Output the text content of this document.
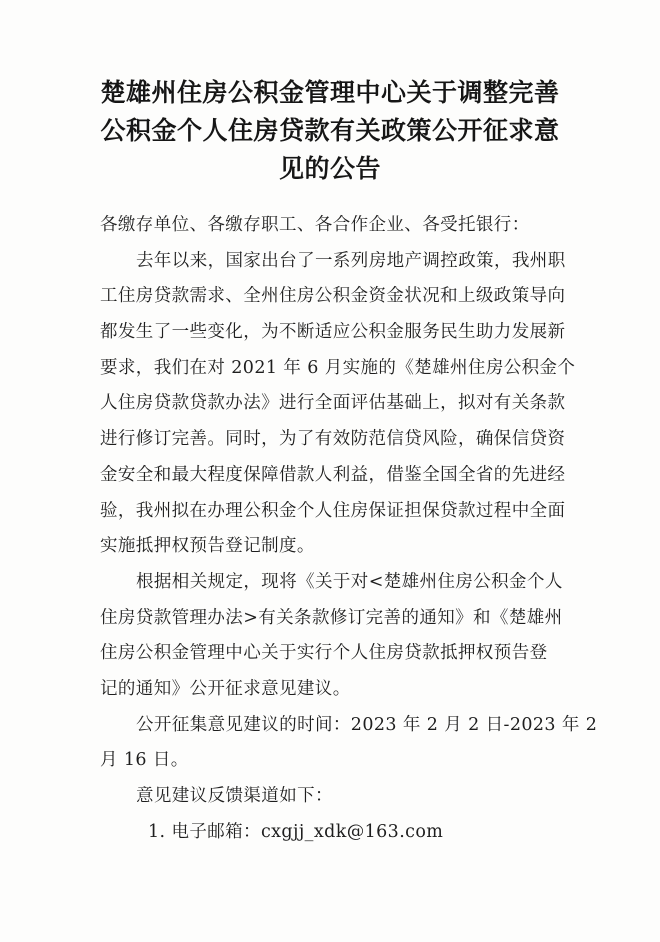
楚雄州住房公积金管理中心关于调整完善
公积金个人住房贷款有关政策公开征求意
见的公告
各缴存单位、各缴存职工、各合作企业、各受托银行：
去年以来，国家出台了一系列房地产调控政策，我州职
工住房贷款需求、全州住房公积金资金状况和上级政策导向
都发生了一些变化，为不断适应公积金服务民生助力发展新
要求，我们在对 2021 年 6 月实施的《楚雄州住房公积金个
人住房贷款贷款办法》进行全面评估基础上，拟对有关条款
进行修订完善。同时，为了有效防范信贷风险，确保信贷资
金安全和最大程度保障借款人利益，借鉴全国全省的先进经
验，我州拟在办理公积金个人住房保证担保贷款过程中全面
实施抵押权预告登记制度。
根据相关规定，现将《关于对<楚雄州住房公积金个人
住房贷款管理办法>有关条款修订完善的通知》和《楚雄州
住房公积金管理中心关于实行个人住房贷款抵押权预告登
记的通知》公开征求意见建议。
公开征集意见建议的时间：2023 年 2 月 2 日-2023 年 2
月 16 日。
意见建议反馈渠道如下：
1. 电子邮箱：cxgjj_xdk@163.com
